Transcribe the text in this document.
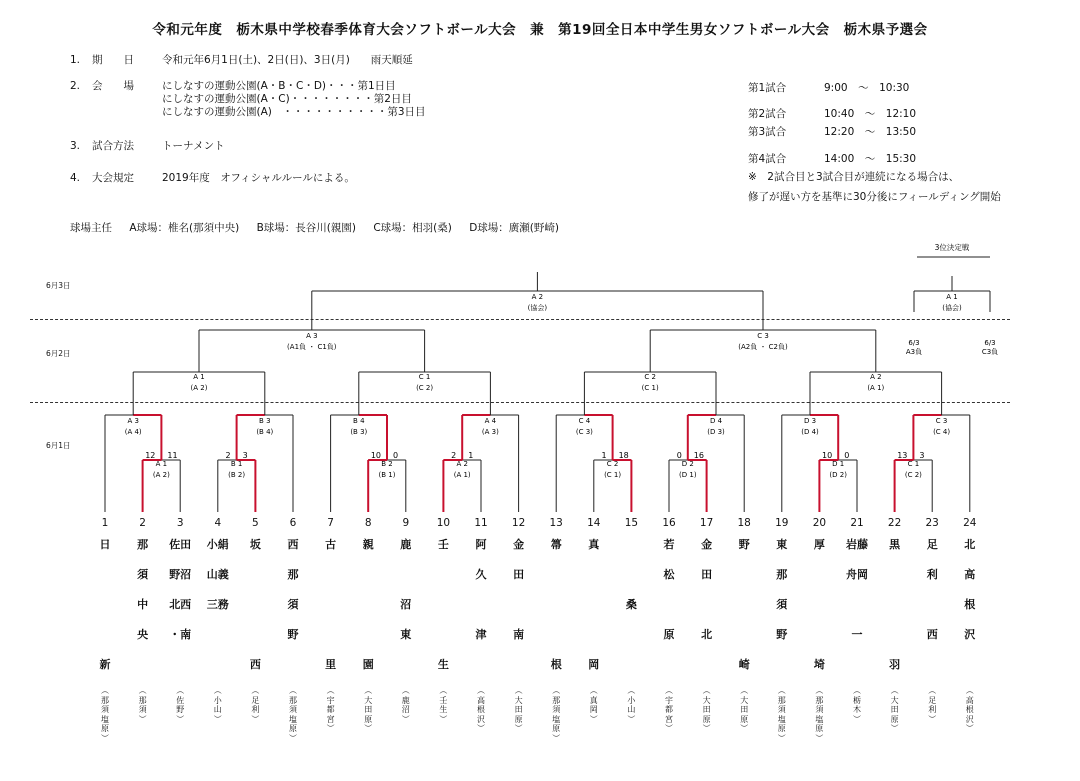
令和元年度　栃木県中学校春季体育大会ソフトボール大会　兼　第19回全日本中学生男女ソフトボール大会　栃木県予選会
1. 期　　日	令和元年6月1日(土)、2日(日)、3日(月)　　雨天順延
2. 会　　場	にしなすの運動公園(A・B・C・D)・・・第1日目
にしなすの運動公園(A・C)・・・・・・・・第2日目
にしなすの運動公園(A)　・・・・・・・・・・第3日目
3. 試合方法	トーナメント
4. 大会規定	2019年度　オフィシャルルールによる。
第1試合	9:00　～　10:30
第2試合	10:40　～　12:10
第3試合	12:20　～　13:50
第4試合	14:00　～　15:30
※　2試合目と3試合目が連続になる場合は、
修了が遅い方を基準に30分後にフィールディング開始
球場主任 A球場：椎名(那須中央) B球場：長谷川(親園) C球場：相羽(桑) D球場：廣瀬(野崎)
6月3日
6月2日
6月1日
A 1
(A 2)
12 11
B 1
(B 2)
2 3
B 2
(B 1)
10 0
A 2
(A 1)
2 1
C 2
(C 1)
1 18
D 2
(D 1)
0 16
D 1
(D 2)
10 0
C 1
(C 2)
13 3
A 3
(A 4)
B 3
(B 4)
B 4
(B 3)
A 4
(A 3)
C 4
(C 3)
D 4
(D 3)
D 3
(D 4)
C 3
(C 4)
A 1
(A 2)
C 1
(C 2)
C 2
(C 1)
A 2
(A 1)
A 3
(A1負 ・ C1負)
C 3
(A2負 ・ C2負)
A 2
(協会)
3位決定戦
A 1
(協会)
6/3
A3負
6/3
C3負
1
日

新
︵
那
須
塩
原
︶
2
那
須
中
央

︵
那
須
︶
3
佐田
野沼
北西
・南

︵
佐
野
︶
4
小絹
山義
三務

︵
小
山
︶
5
坂

西
︵
足
利
︶
6
西
那
須
野

︵
那
須
塩
原
︶
7
古

里
︵
宇
都
宮
︶
8
親

園
︵
大
田
原
︶
9
鹿

沼
東

︵
鹿
沼
︶
10
壬

生
︵
壬
生
︶
11
阿
久

津

︵
高
根
沢
︶
12
金
田

南

︵
大
田
原
︶
13
箒

根
︵
那
須
塩
原
︶
14
真

岡
︵
真
岡
︶
15

桑

︵
小
山
︶
16
若
松

原

︵
宇
都
宮
︶
17
金
田

北

︵
大
田
原
︶
18
野

崎
︵
大
田
原
︶
19
東
那
須
野

︵
那
須
塩
原
︶
20
厚

埼
︵
那
須
塩
原
︶
21
岩藤
舟岡

一

︵
栃
木
︶
22
黒

羽
︵
大
田
原
︶
23
足
利

西

︵
足
利
︶
24
北
高
根
沢

︵
高
根
沢
︶
